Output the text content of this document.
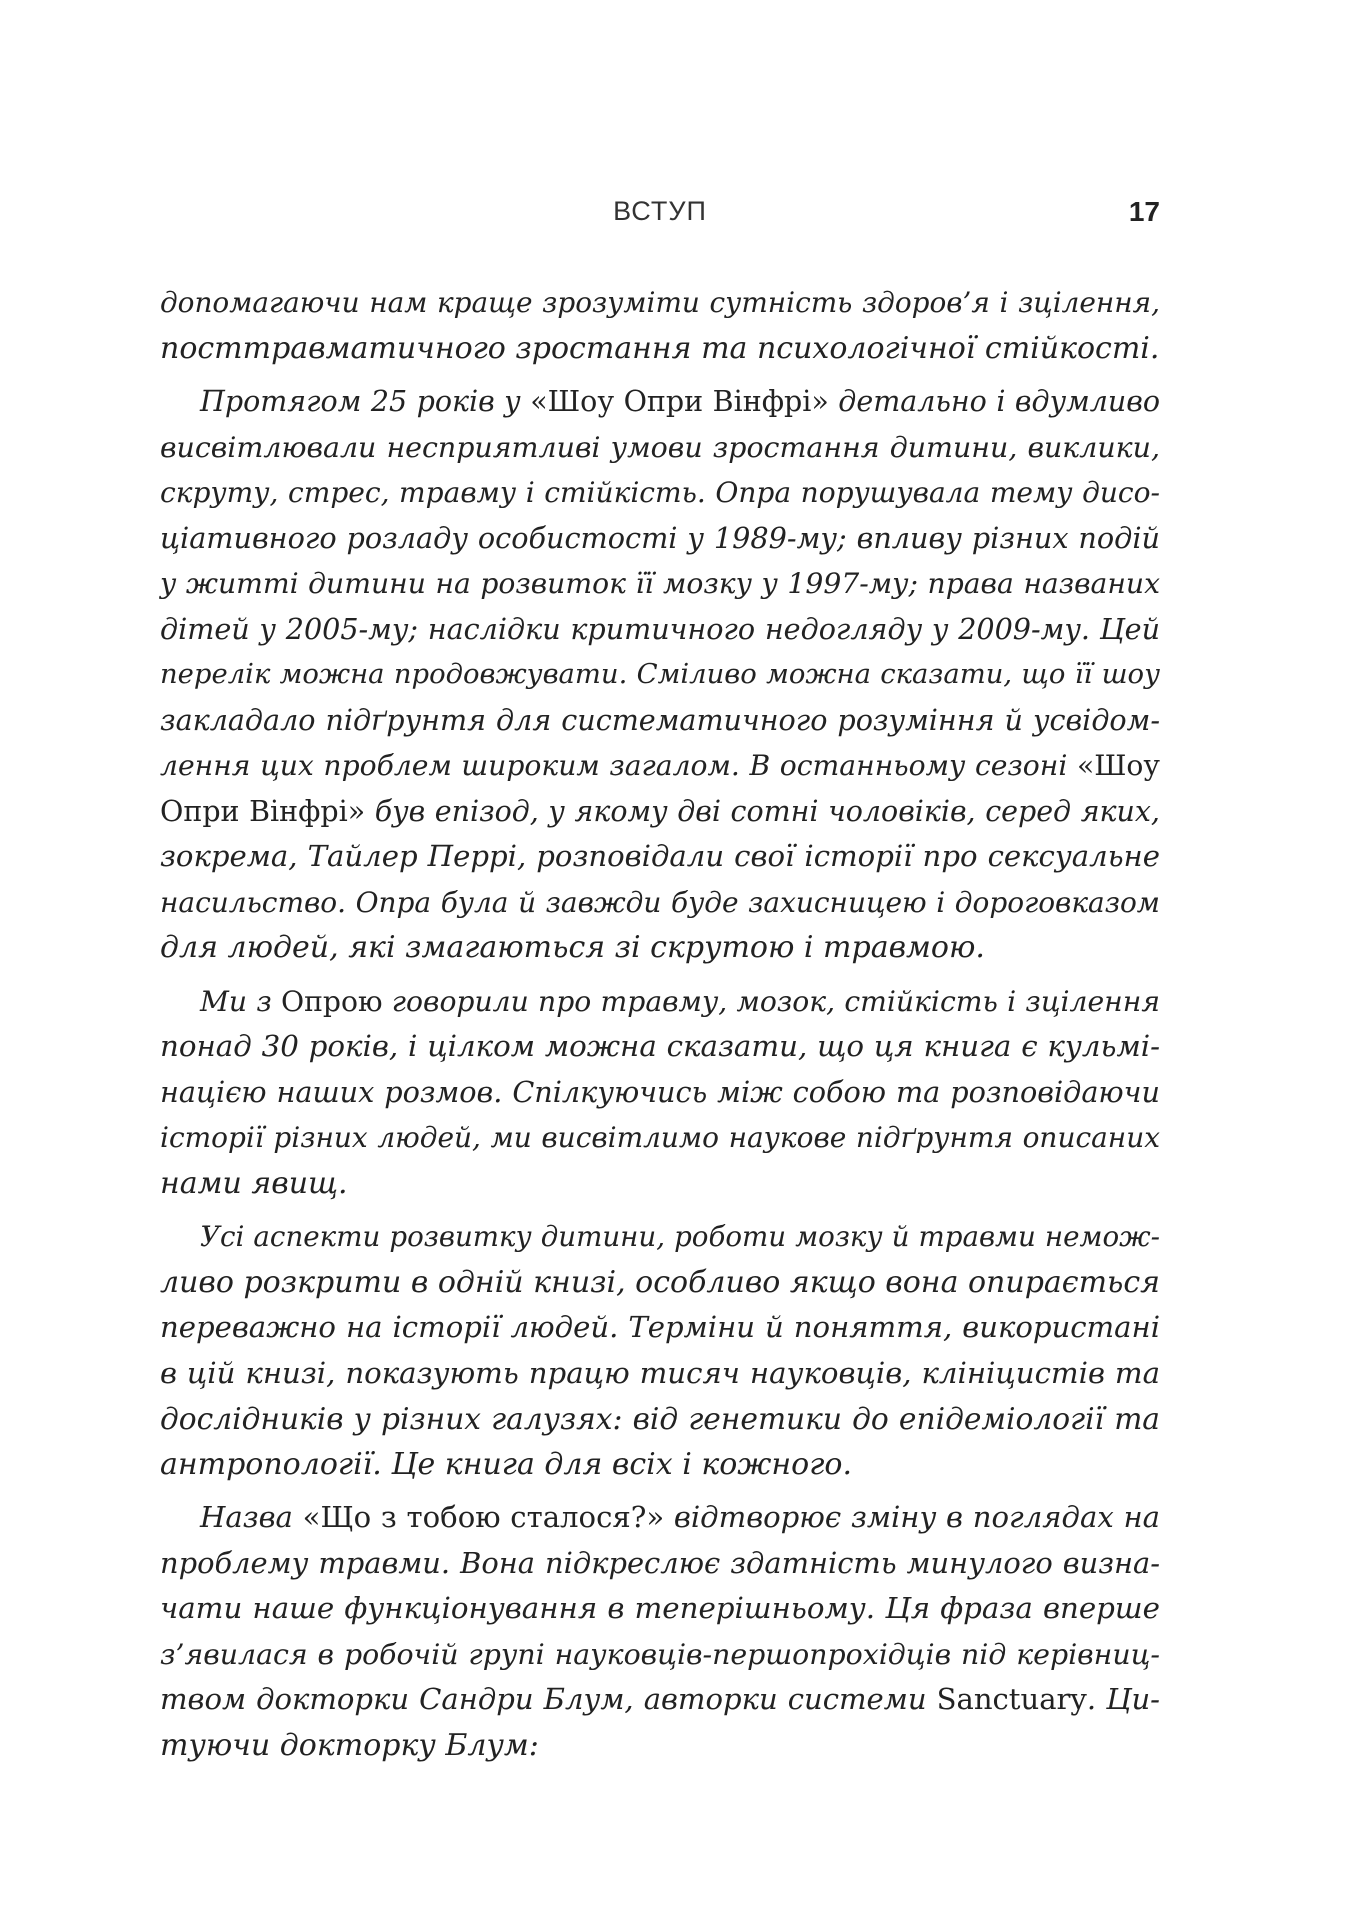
ВСТУП	17
допомагаючи нам краще зрозуміти сутність здоров’я і зцілення,
посттравматичного зростання та психологічної стійкості.
Протягом 25 років у «Шоу Опри Вінфрі» детально і вдумливо
висвітлювали несприятливі умови зростання дитини, виклики,
скруту, стрес, травму і стійкість. Опра порушувала тему дисо-
ціативного розладу особистості у 1989-му; впливу різних подій
у житті дитини на розвиток її мозку у 1997-му; права названих
дітей у 2005-му; наслідки критичного недогляду у 2009-му. Цей
перелік можна продовжувати. Сміливо можна сказати, що її шоу
закладало підґрунтя для систематичного розуміння й усвідом-
лення цих проблем широким загалом. В останньому сезоні «Шоу
Опри Вінфрі» був епізод, у якому дві сотні чоловіків, серед яких,
зокрема, Тайлер Перрі, розповідали свої історії про сексуальне
насильство. Опра була й завжди буде захисницею і дороговказом
для людей, які змагаються зі скрутою і травмою.
Ми з Опрою говорили про травму, мозок, стійкість і зцілення
понад 30 років, і цілком можна сказати, що ця книга є кульмі-
нацією наших розмов. Спілкуючись між собою та розповідаючи
історії різних людей, ми висвітлимо наукове підґрунтя описаних
нами явищ.
Усі аспекти розвитку дитини, роботи мозку й травми немож-
ливо розкрити в одній книзі, особливо якщо вона опирається
переважно на історії людей. Терміни й поняття, використані
в цій книзі, показують працю тисяч науковців, клініцистів та
дослідників у різних галузях: від генетики до епідеміології та
антропології. Це книга для всіх і кожного.
Назва «Що з тобою сталося?» відтворює зміну в поглядах на
проблему травми. Вона підкреслює здатність минулого визна-
чати наше функціонування в теперішньому. Ця фраза вперше
з’явилася в робочій групі науковців-першопрохідців під керівниц-
твом докторки Сандри Блум, авторки системи Sanctuary. Ци-
туючи докторку Блум:
